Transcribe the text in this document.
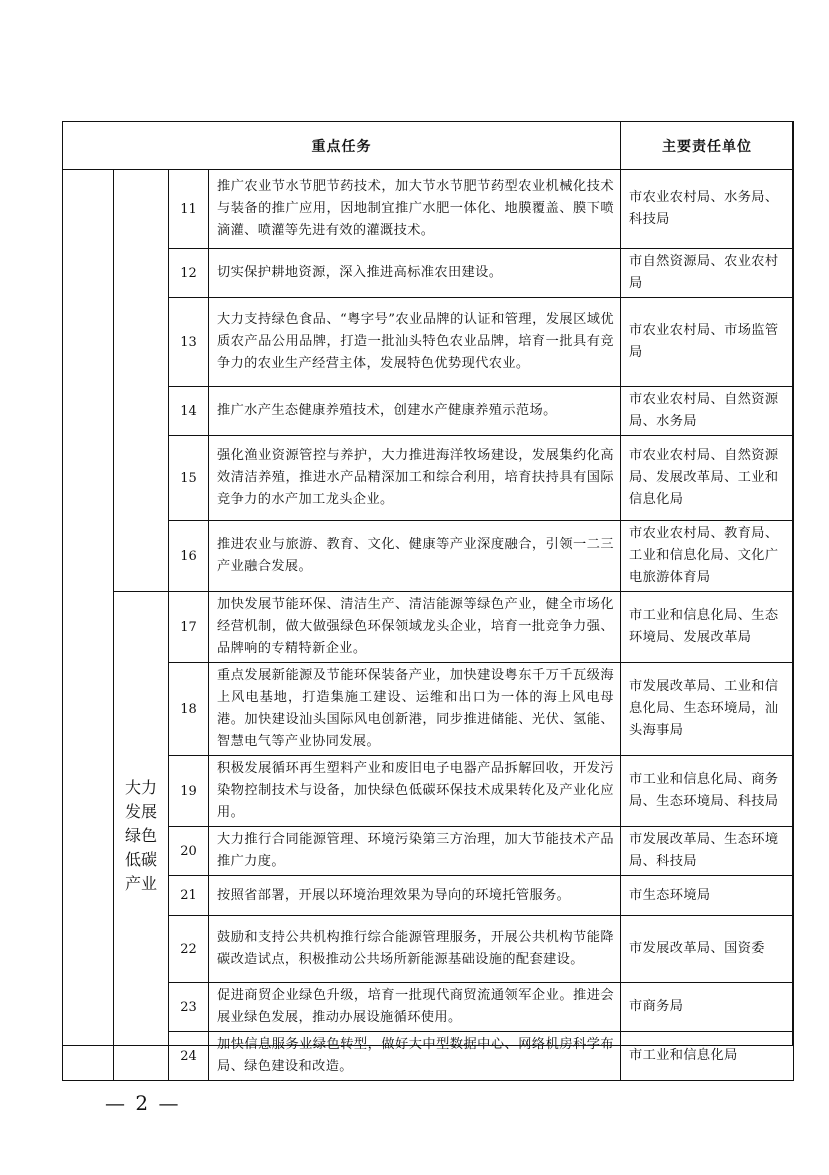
重点任务				主要责任单位
		11	推广农业节水节肥节药技术，加大节水节肥节药型农业机械化技术与装备的推广应用，因地制宜推广水肥一体化、地膜覆盖、膜下喷滴灌、喷灌等先进有效的灌溉技术。	市农业农村局、水务局、科技局
		12	切实保护耕地资源，深入推进高标准农田建设。	市自然资源局、农业农村局
		13	大力支持绿色食品、“粤字号”农业品牌的认证和管理，发展区域优质农产品公用品牌，打造一批汕头特色农业品牌，培育一批具有竞争力的农业生产经营主体，发展特色优势现代农业。	市农业农村局、市场监管局
		14	推广水产生态健康养殖技术，创建水产健康养殖示范场。	市农业农村局、自然资源局、水务局
		15	强化渔业资源管控与养护，大力推进海洋牧场建设，发展集约化高效清洁养殖，推进水产品精深加工和综合利用，培育扶持具有国际竞争力的水产加工龙头企业。	市农业农村局、自然资源局、发展改革局、工业和信息化局
		16	推进农业与旅游、教育、文化、健康等产业深度融合，引领一二三产业融合发展。	市农业农村局、教育局、工业和信息化局、文化广电旅游体育局

	大力发展绿色低碳产业	17	加快发展节能环保、清洁生产、清洁能源等绿色产业，健全市场化经营机制，做大做强绿色环保领域龙头企业，培育一批竞争力强、品牌响的专精特新企业。	市工业和信息化局、生态环境局、发展改革局
		18	重点发展新能源及节能环保装备产业，加快建设粤东千万千瓦级海上风电基地，打造集施工建设、运维和出口为一体的海上风电母港。加快建设汕头国际风电创新港，同步推进储能、光伏、氢能、智慧电气等产业协同发展。	市发展改革局、工业和信息化局、生态环境局，汕头海事局
		19	积极发展循环再生塑料产业和废旧电子电器产品拆解回收，开发污染物控制技术与设备，加快绿色低碳环保技术成果转化及产业化应用。	市工业和信息化局、商务局、生态环境局、科技局
		20	大力推行合同能源管理、环境污染第三方治理，加大节能技术产品推广力度。	市发展改革局、生态环境局、科技局
		21	按照省部署，开展以环境治理效果为导向的环境托管服务。	市生态环境局
		22	鼓励和支持公共机构推行综合能源管理服务，开展公共机构节能降碳改造试点，积极推动公共场所新能源基础设施的配套建设。	市发展改革局、国资委
		23	促进商贸企业绿色升级，培育一批现代商贸流通领军企业。推进会展业绿色发展，推动办展设施循环使用。	市商务局
		24	加快信息服务业绿色转型，做好大中型数据中心、网络机房科学布局、绿色建设和改造。	市工业和信息化局
— 2 —
